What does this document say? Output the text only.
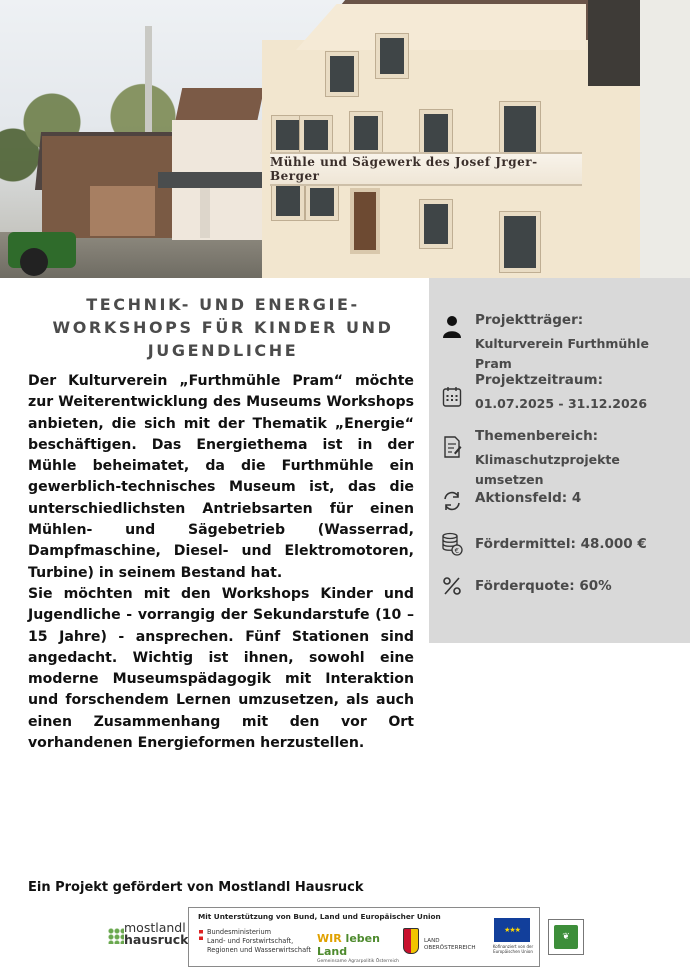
Mühle und Sägewerk des Josef Jrger-Berger
TECHNIK- UND ENERGIE-WORKSHOPS FÜR KINDER UND JUGENDLICHE

Der Kulturverein „Furthmühle Pram“ möchte zur Weiterentwicklung des Museums Workshops anbieten, die sich mit der Thematik „Energie“ beschäftigen. Das Energiethema ist in der Mühle beheimatet, da die Furthmühle ein gewerblich-technisches Museum ist, das die unterschiedlichsten Antriebsarten für einen Mühlen- und Sägebetrieb (Wasserrad, Dampfmaschine, Diesel- und Elektromotoren, Turbine) in seinem Bestand hat.

Sie möchten mit den Workshops Kinder und Jugendliche - vorrangig der Sekundarstufe (10 – 15 Jahre) - ansprechen. Fünf Stationen sind angedacht. Wichtig ist ihnen, sowohl eine moderne Museumspädagogik mit Interaktion und forschendem Lernen umzusetzen, als auch einen Zusammenhang mit den vor Ort vorhandenen Energieformen herzustellen.

Projektträger:
Kulturverein Furthmühle Pram
Projektzeitraum:
01.07.2025 - 31.12.2026
Themenbereich:
Klimaschutzprojekte umsetzen
Aktionsfeld: 4
€ Fördermittel: 48.000 €
Förderquote: 60%
Ein Projekt gefördert von Mostlandl Hausruck
mostlandl
hausruck
Mit Unterstützung von Bund, Land und Europäischer Union
Bundesministerium
Land- und Forstwirtschaft,
Regionen und Wasserwirtschaft
WIR leben Land
Gemeinsame Agrarpolitik Österreich
LAND
OBERÖSTERREICH
★★★
Kofinanziert von der
Europäischen Union
❦
